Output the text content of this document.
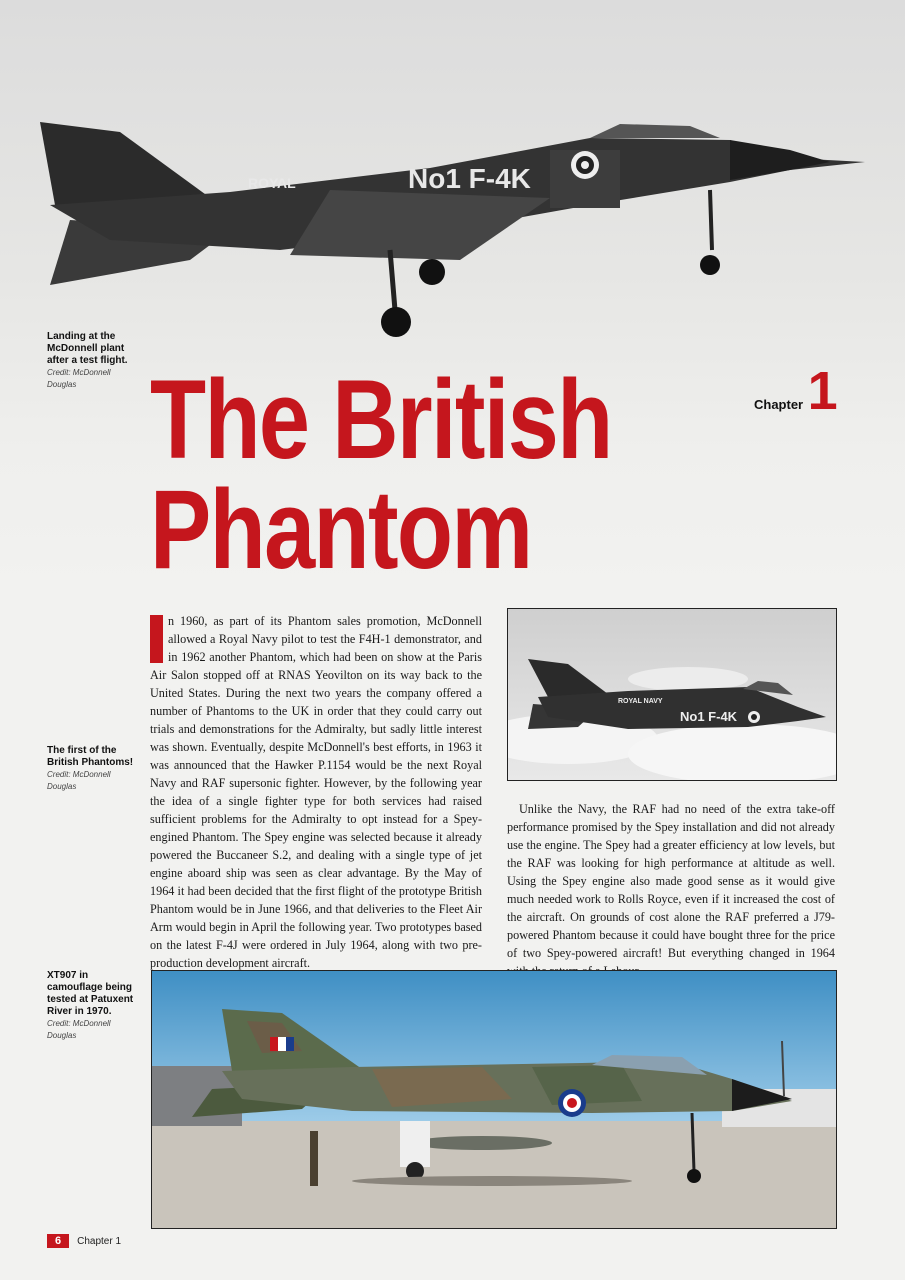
ROYAL	No1 F-4K
Landing at the McDonnell plant after a test flight.
Credit: McDonnell Douglas
The first of the British Phantoms!
Credit: McDonnell Douglas
XT907 in camouflage being tested at Patuxent River in 1970.
Credit: McDonnell Douglas
The British
Phantom
Chapter 1
I	n 1960, as part of its Phantom sales promotion, McDonnell allowed a Royal Navy pilot to test the F4H-1 demonstrator, and in 1962 another Phantom, which had been on show at the Paris Air Salon stopped off at RNAS Yeovilton on its way back to the United States. During the next two years the company offered a number of Phantoms to the UK in order that they could carry out trials and demonstrations for the Admiralty, but sadly little interest was shown. Eventually, despite McDonnell's best efforts, in 1963 it was announced that the Hawker P.1154 would be the next Royal Navy and RAF supersonic fighter. However, by the following year the idea of a single fighter type for both services had raised sufficient problems for the Admiralty to opt instead for a Spey-engined Phantom. The Spey engine was selected because it already powered the Buccaneer S.2, and dealing with a single type of jet engine aboard ship was seen as clear advantage. By the May of 1964 it had been decided that the first flight of the prototype British Phantom would be in June 1966, and that deliveries to the Fleet Air Arm would begin in April the following year. Two prototypes based on the latest F-4J were ordered in July 1964, along with two pre-production development aircraft.
ROYAL NAVY
No1 F-4K
Unlike the Navy, the RAF had no need of the extra take-off performance promised by the Spey installation and did not already use the engine. The Spey had a greater efficiency at low levels, but the RAF was looking for high performance at altitude as well. Using the Spey engine also made good sense as it would give much needed work to Rolls Royce, even if it increased the cost of the aircraft. On grounds of cost alone the RAF preferred a J79-powered Phantom because it could have bought three for the price of two Spey-powered aircraft! But everything changed in 1964
6	Chapter 1
